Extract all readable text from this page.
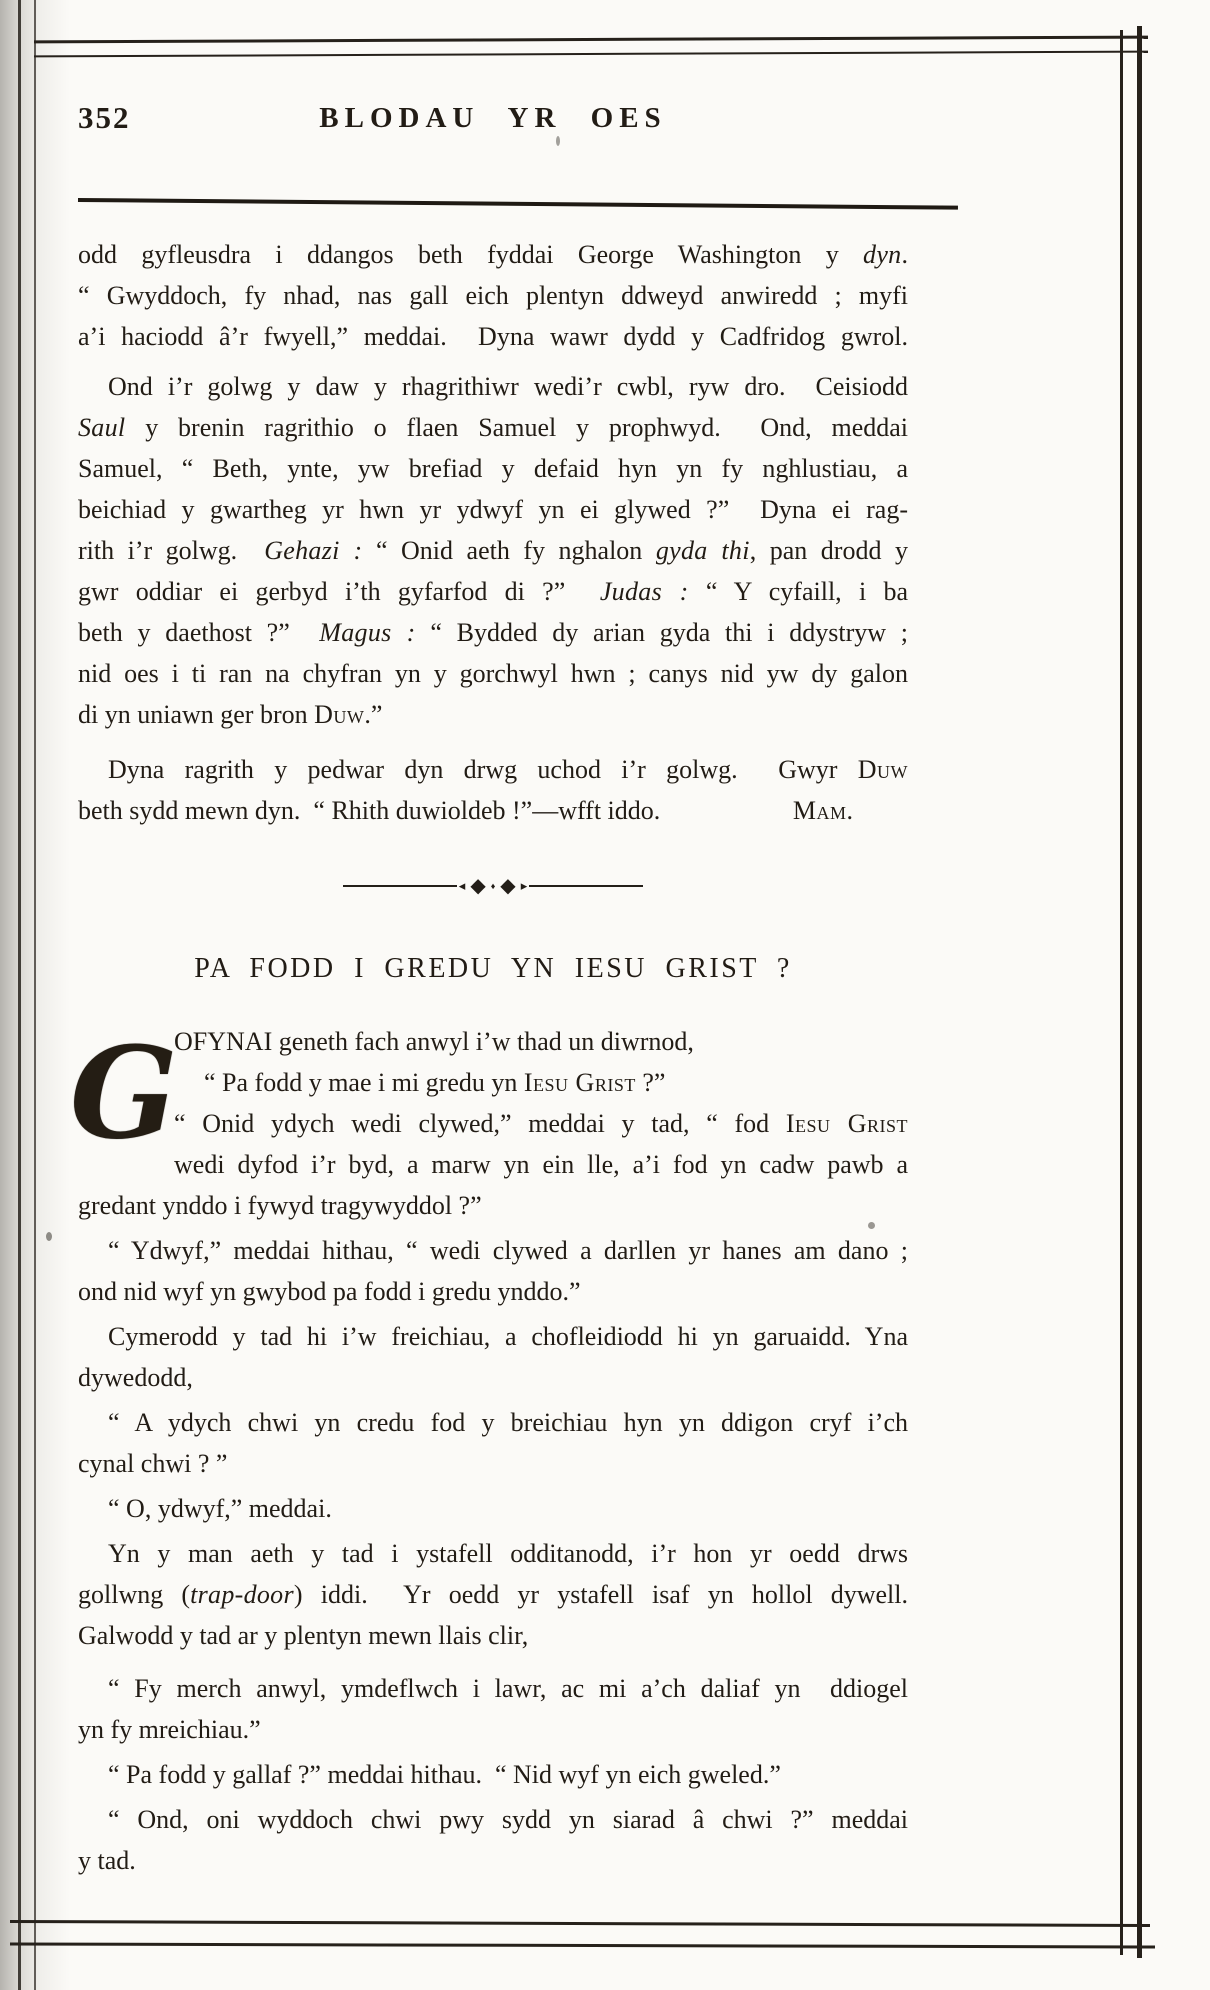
352	BLODAU YR OES
odd gyfleusdra i ddangos beth fyddai George Washington y dyn.
“ Gwyddoch, fy nhad, nas gall eich plentyn ddweyd anwiredd ; myfi
a’i haciodd â’r fwyell,” meddai.  Dyna wawr dydd y Cadfridog gwrol.
Ond i’r golwg y daw y rhagrithiwr wedi’r cwbl, ryw dro.  Ceisiodd
Saul y brenin ragrithio o flaen Samuel y prophwyd.  Ond, meddai
Samuel, “ Beth, ynte, yw brefiad y defaid hyn yn fy nghlustiau, a
beichiad y gwartheg yr hwn yr ydwyf yn ei glywed ?”  Dyna ei rag-
rith i’r golwg.  Gehazi : “ Onid aeth fy nghalon gyda thi, pan drodd y
gwr oddiar ei gerbyd i’th gyfarfod di ?”  Judas : “ Y cyfaill, i ba
beth y daethost ?”  Magus : “ Bydded dy arian gyda thi i ddystryw ;
nid oes i ti ran na chyfran yn y gorchwyl hwn ; canys nid yw dy galon
di yn uniawn ger bron Duw.”
Dyna ragrith y pedwar dyn drwg uchod i’r golwg.  Gwyr Duw
beth sydd mewn dyn.  “ Rhith duwioldeb !”—wfft iddo.	Mam.
◂ ◆ ♦ ◆ ▸
PA FODD I GREDU YN IESU GRIST ?
G
OFYNAI geneth fach anwyl i’w thad un diwrnod,
“ Pa fodd y mae i mi gredu yn Iesu Grist ?”
“ Onid ydych wedi clywed,” meddai y tad, “ fod Iesu Grist
wedi dyfod i’r byd, a marw yn ein lle, a’i fod yn cadw pawb a
gredant ynddo i fywyd tragywyddol ?”
“ Ydwyf,” meddai hithau, “ wedi clywed a darllen yr hanes am dano ;
ond nid wyf yn gwybod pa fodd i gredu ynddo.”
Cymerodd y tad hi i’w freichiau, a chofleidiodd hi yn garuaidd. Yna
dywedodd,
“ A ydych chwi yn credu fod y breichiau hyn yn ddigon cryf i’ch
cynal chwi ? ”
“ O, ydwyf,” meddai.
Yn y man aeth y tad i ystafell odditanodd, i’r hon yr oedd drws
gollwng (trap-door) iddi.  Yr oedd yr ystafell isaf yn hollol dywell.
Galwodd y tad ar y plentyn mewn llais clir,
“ Fy merch anwyl, ymdeflwch i lawr, ac mi a’ch daliaf yn  ddiogel
yn fy mreichiau.”
“ Pa fodd y gallaf ?” meddai hithau.  “ Nid wyf yn eich gweled.”
“ Ond, oni wyddoch chwi pwy sydd yn siarad â chwi ?” meddai
y tad.
